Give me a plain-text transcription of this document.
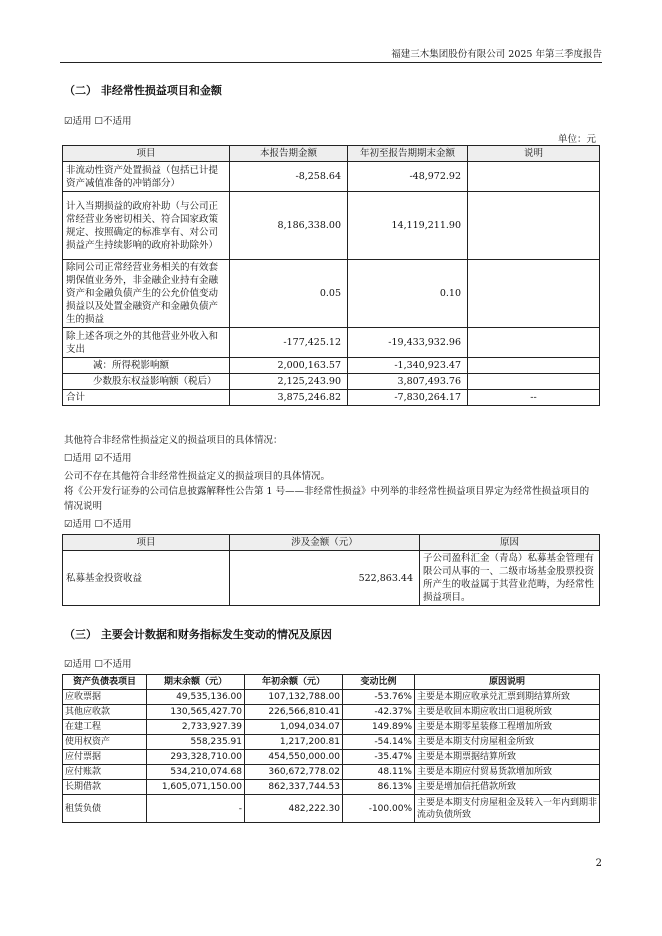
福建三木集团股份有限公司 2025 年第三季度报告
（二） 非经常性损益项目和金额
☑适用 ☐不适用
单位：元
项目	本报告期金额	年初至报告期期末金额	说明
非流动性资产处置损益（包括已计提资产减值准备的冲销部分）	-8,258.64	-48,972.92	
计入当期损益的政府补助（与公司正常经营业务密切相关、符合国家政策规定、按照确定的标准享有、对公司损益产生持续影响的政府补助除外）	8,186,338.00	14,119,211.90	
除同公司正常经营业务相关的有效套期保值业务外，非金融企业持有金融资产和金融负债产生的公允价值变动损益以及处置金融资产和金融负债产生的损益	0.05	0.10	
除上述各项之外的其他营业外收入和支出	-177,425.12	-19,433,932.96	
减：所得税影响额	2,000,163.57	-1,340,923.47	
少数股东权益影响额（税后）	2,125,243.90	3,807,493.76	
合计	3,875,246.82	-7,830,264.17	--
其他符合非经常性损益定义的损益项目的具体情况：
☐适用 ☑不适用
公司不存在其他符合非经常性损益定义的损益项目的具体情况。
将《公开发行证券的公司信息披露解释性公告第 1 号——非经常性损益》中列举的非经常性损益项目界定为经常性损益项目的情况说明
☑适用 ☐不适用
项目	涉及金额（元）	原因
私募基金投资收益	522,863.44	子公司盈科汇金（青岛）私募基金管理有限公司从事的一、二级市场基金股票投资所产生的收益属于其营业范畴，为经常性损益项目。
（三） 主要会计数据和财务指标发生变动的情况及原因
☑适用 ☐不适用
资产负债表项目	期末余额（元）	年初余额（元）	变动比例	原因说明
应收票据	49,535,136.00	107,132,788.00	-53.76%	主要是本期应收承兑汇票到期结算所致
其他应收款	130,565,427.70	226,566,810.41	-42.37%	主要是收回本期应收出口退税所致
在建工程	2,733,927.39	1,094,034.07	149.89%	主要是本期零星装修工程增加所致
使用权资产	558,235.91	1,217,200.81	-54.14%	主要是本期支付房屋租金所致
应付票据	293,328,710.00	454,550,000.00	-35.47%	主要是本期票据结算所致
应付账款	534,210,074.68	360,672,778.02	48.11%	主要是本期应付贸易货款增加所致
长期借款	1,605,071,150.00	862,337,744.53	86.13%	主要是增加信托借款所致
租赁负债	-	482,222.30	-100.00%	主要是本期支付房屋租金及转入一年内到期非流动负债所致
2
